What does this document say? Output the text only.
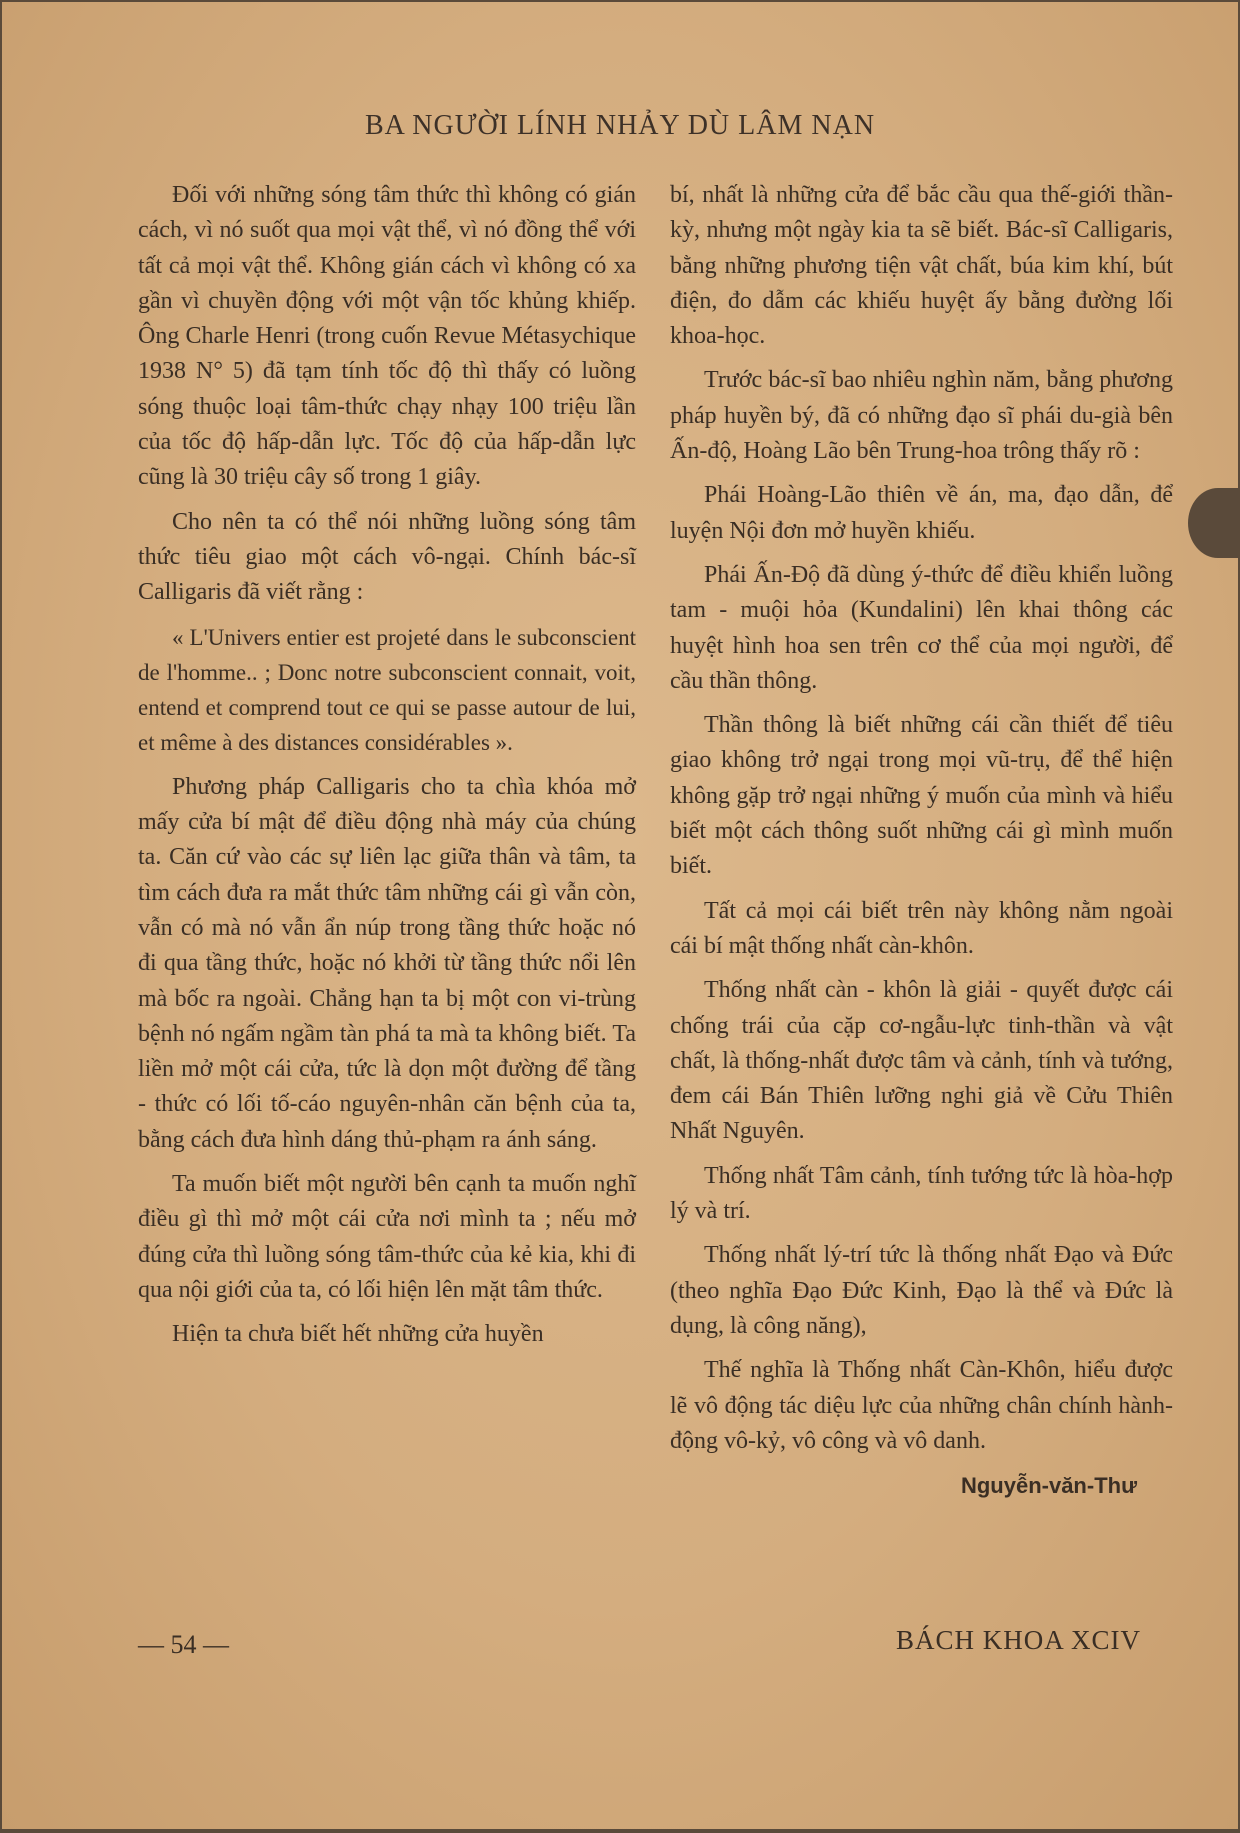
BA NGƯỜI LÍNH NHẢY DÙ LÂM NẠN

Đối với những sóng tâm thức thì không có gián cách, vì nó suốt qua mọi vật thể, vì nó đồng thể với tất cả mọi vật thể. Không gián cách vì không có xa gần vì chuyền động với một vận tốc khủng khiếp. Ông Charle Henri (trong cuốn Revue Métasychique 1938 N° 5) đã tạm tính tốc độ thì thấy có luồng sóng thuộc loại tâm-thức chạy nhạy 100 triệu lần của tốc độ hấp-dẫn lực. Tốc độ của hấp-dẫn lực cũng là 30 triệu cây số trong 1 giây.

Cho nên ta có thể nói những luồng sóng tâm thức tiêu giao một cách vô-ngại. Chính bác-sĩ Calligaris đã viết rằng :

« L'Univers entier est projeté dans le subconscient de l'homme.. ; Donc notre subconscient connait, voit, entend et comprend tout ce qui se passe autour de lui, et même à des distances considérables ».

Phương pháp Calligaris cho ta chìa khóa mở mấy cửa bí mật để điều động nhà máy của chúng ta. Căn cứ vào các sự liên lạc giữa thân và tâm, ta tìm cách đưa ra mắt thức tâm những cái gì vẫn còn, vẫn có mà nó vẫn ẩn núp trong tầng thức hoặc nó đi qua tầng thức, hoặc nó khởi từ tầng thức nổi lên mà bốc ra ngoài. Chẳng hạn ta bị một con vi-trùng bệnh nó ngấm ngầm tàn phá ta mà ta không biết. Ta liền mở một cái cửa, tức là dọn một đường để tầng - thức có lối tố-cáo nguyên-nhân căn bệnh của ta, bằng cách đưa hình dáng thủ-phạm ra ánh sáng.

Ta muốn biết một người bên cạnh ta muốn nghĩ điều gì thì mở một cái cửa nơi mình ta ; nếu mở đúng cửa thì luồng sóng tâm-thức của kẻ kia, khi đi qua nội giới của ta, có lối hiện lên mặt tâm thức.

Hiện ta chưa biết hết những cửa huyền

bí, nhất là những cửa để bắc cầu qua thế-giới thần-kỳ, nhưng một ngày kia ta sẽ biết. Bác-sĩ Calligaris, bằng những phương tiện vật chất, búa kim khí, bút điện, đo dẫm các khiếu huyệt ấy bằng đường lối khoa-học.

Trước bác-sĩ bao nhiêu nghìn năm, bằng phương pháp huyền bý, đã có những đạo sĩ phái du-già bên Ấn-độ, Hoàng Lão bên Trung-hoa trông thấy rõ :

Phái Hoàng-Lão thiên về án, ma, đạo dẫn, để luyện Nội đơn mở huyền khiếu.

Phái Ấn-Độ đã dùng ý-thức để điều khiển luồng tam - muội hỏa (Kundalini) lên khai thông các huyệt hình hoa sen trên cơ thể của mọi người, để cầu thần thông.

Thần thông là biết những cái cần thiết để tiêu giao không trở ngại trong mọi vũ-trụ, để thể hiện không gặp trở ngại những ý muốn của mình và hiểu biết một cách thông suốt những cái gì mình muốn biết.

Tất cả mọi cái biết trên này không nằm ngoài cái bí mật thống nhất càn-khôn.

Thống nhất càn - khôn là giải - quyết được cái chống trái của cặp cơ-ngẫu-lực tinh-thần và vật chất, là thống-nhất được tâm và cảnh, tính và tướng, đem cái Bán Thiên lưỡng nghi giả về Cửu Thiên Nhất Nguyên.

Thống nhất Tâm cảnh, tính tướng tức là hòa-hợp lý và trí.

Thống nhất lý-trí tức là thống nhất Đạo và Đức (theo nghĩa Đạo Đức Kinh, Đạo là thể và Đức là dụng, là công năng),

Thế nghĩa là Thống nhất Càn-Khôn, hiểu được lẽ vô động tác diệu lực của những chân chính hành-động vô-kỷ, vô công và vô danh.

Nguyễn-văn-Thư
— 54 —	BÁCH KHOA XCIV
